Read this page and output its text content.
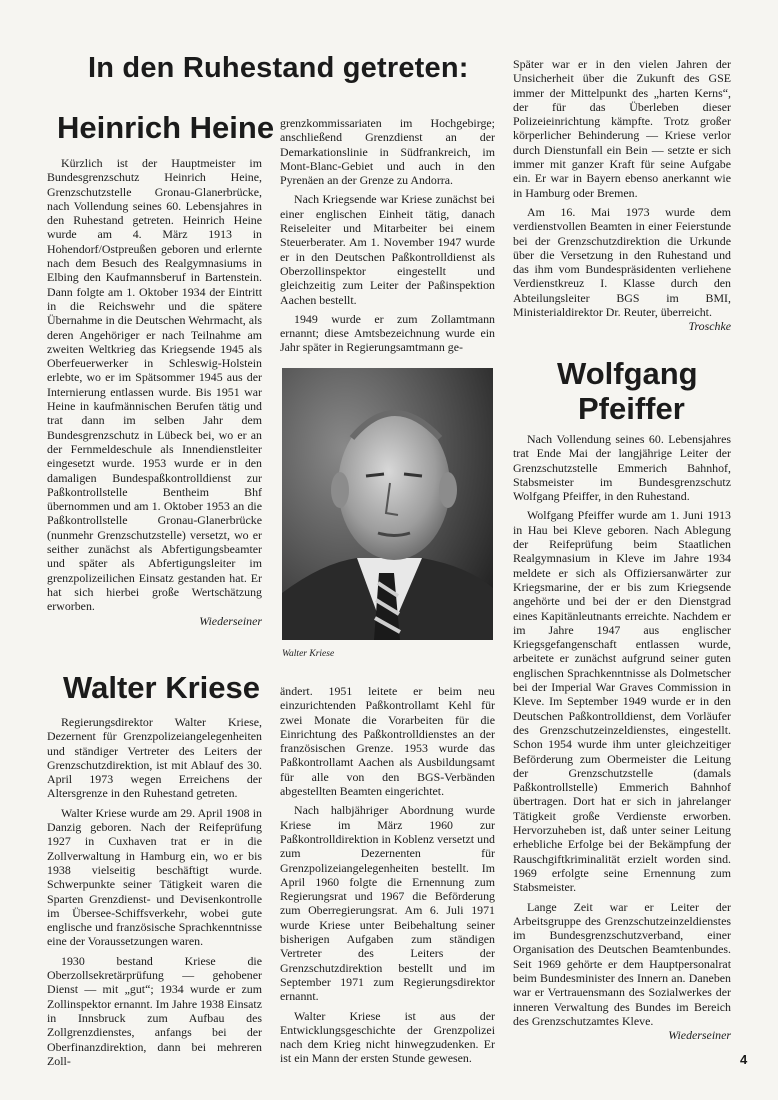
In den Ruhestand getreten:
Heinrich Heine

Kürzlich ist der Hauptmeister im Bundesgrenzschutz Heinrich Heine, Grenzschutzstelle Gronau-Glanerbrücke, nach Vollendung seines 60. Lebensjahres in den Ruhestand getreten. Heinrich Heine wurde am 4. März 1913 in Hohendorf/Ostpreußen geboren und erlernte nach dem Besuch des Realgymnasiums in Elbing den Kaufmannsberuf in Bartenstein. Dann folgte am 1. Oktober 1934 der Eintritt in die Reichswehr und die spätere Übernahme in die Deutschen Wehrmacht, als deren Angehöriger er nach Teilnahme am zweiten Weltkrieg das Kriegsende 1945 als Oberfeuerwerker in Schleswig-Holstein erlebte, wo er im Spätsommer 1945 aus der Internierung entlassen wurde. Bis 1951 war Heine in kaufmännischen Berufen tätig und trat dann im selben Jahr dem Bundesgrenzschutz in Lübeck bei, wo er an der Fernmeldeschule als Innendienstleiter eingesetzt wurde. 1953 wurde er in den damaligen Bundespaßkontrolldienst zur Paßkontrollstelle Bentheim Bhf übernommen und am 1. Oktober 1953 an die Paßkontrollstelle Gronau-Glanerbrücke (nunmehr Grenzschutzstelle) versetzt, wo er seither zunächst als Abfertigungsbeamter und später als Abfertigungsleiter im grenzpolizeilichen Einsatz gestanden hat. Er hat sich hierbei große Wertschätzung erworben.

Wiederseiner

Walter Kriese

Regierungsdirektor Walter Kriese, Dezernent für Grenzpolizeiangelegenheiten und ständiger Vertreter des Leiters der Grenzschutzdirektion, ist mit Ablauf des 30. April 1973 wegen Erreichens der Altersgrenze in den Ruhestand getreten.

Walter Kriese wurde am 29. April 1908 in Danzig geboren. Nach der Reifeprüfung 1927 in Cuxhaven trat er in die Zollverwaltung in Hamburg ein, wo er bis 1938 vielseitig beschäftigt wurde. Schwerpunkte seiner Tätigkeit waren die Sparten Grenzdienst- und Devisenkontrolle im Übersee-Schiffsverkehr, wobei gute englische und französische Sprachkenntnisse eine der Voraussetzungen waren.

1930 bestand Kriese die Oberzollsekretärprüfung — gehobener Dienst — mit „gut“; 1934 wurde er zum Zollinspektor ernannt. Im Jahre 1938 Einsatz in Innsbruck zum Aufbau des Zollgrenzdienstes, anfangs bei der Oberfinanzdirektion, dann bei mehreren Zoll-

grenzkommissariaten im Hochgebirge; anschließend Grenzdienst an der Demarkationslinie in Südfrankreich, im Mont-Blanc-Gebiet und auch in den Pyrenäen an der Grenze zu Andorra.

Nach Kriegsende war Kriese zunächst bei einer englischen Einheit tätig, danach Reiseleiter und Mitarbeiter bei einem Steuerberater. Am 1. November 1947 wurde er in den Deutschen Paßkontrolldienst als Oberzollinspektor eingestellt und gleichzeitig zum Leiter der Paßinspektion Aachen bestellt.

1949 wurde er zum Zollamtmann ernannt; diese Amtsbezeichnung wurde ein Jahr später in Regierungsamtmann ge-

Walter Kriese

ändert. 1951 leitete er beim neu einzurichtenden Paßkontrollamt Kehl für zwei Monate die Vorarbeiten für die Einrichtung des Paßkontrolldienstes an der französischen Grenze. 1953 wurde das Paßkontrollamt Aachen als Ausbildungsamt für alle von den BGS-Verbänden abgestellten Beamten eingerichtet.

Nach halbjähriger Abordnung wurde Kriese im März 1960 zur Paßkontrolldirektion in Koblenz versetzt und zum Dezernenten für Grenzpolizeiangelegenheiten bestellt. Im April 1960 folgte die Ernennung zum Regierungsrat und 1967 die Beförderung zum Oberregierungsrat. Am 6. Juli 1971 wurde Kriese unter Beibehaltung seiner bisherigen Aufgaben zum ständigen Vertreter des Leiters der Grenzschutzdirektion bestellt und im September 1971 zum Regierungsdirektor ernannt.

Walter Kriese ist aus der Entwicklungsgeschichte der Grenzpolizei nach dem Krieg nicht hinwegzudenken. Er ist ein Mann der ersten Stunde gewesen.

Später war er in den vielen Jahren der Unsicherheit über die Zukunft des GSE immer der Mittelpunkt des „harten Kerns“, der für das Überleben dieser Polizeieinrichtung kämpfte. Trotz großer körperlicher Behinderung — Kriese verlor durch Dienstunfall ein Bein — setzte er sich immer mit ganzer Kraft für seine Aufgabe ein. Er war in Bayern ebenso anerkannt wie in Hamburg oder Bremen.

Am 16. Mai 1973 wurde dem verdienstvollen Beamten in einer Feierstunde bei der Grenzschutzdirektion die Urkunde über die Versetzung in den Ruhestand und das ihm vom Bundespräsidenten verliehene Verdienstkreuz I. Klasse durch den Abteilungsleiter BGS im BMI, Ministerialdirektor Dr. Reuter, überreicht.

Troschke

Wolfgang
Pfeiffer

Nach Vollendung seines 60. Lebensjahres trat Ende Mai der langjährige Leiter der Grenzschutzstelle Emmerich Bahnhof, Stabsmeister im Bundesgrenzschutz Wolfgang Pfeiffer, in den Ruhestand.

Wolfgang Pfeiffer wurde am 1. Juni 1913 in Hau bei Kleve geboren. Nach Ablegung der Reifeprüfung beim Staatlichen Realgymnasium in Kleve im Jahre 1934 meldete er sich als Offiziersanwärter zur Kriegsmarine, der er bis zum Kriegsende angehörte und bei der er den Dienstgrad eines Kapitänleutnants erreichte. Nachdem er im Jahre 1947 aus englischer Kriegsgefangenschaft entlassen wurde, arbeitete er zunächst aufgrund seiner guten englischen Sprachkenntnisse als Dolmetscher bei der Imperial War Graves Commission in Kleve. Im September 1949 wurde er in den Deutschen Paßkontrolldienst, dem Vorläufer des Grenzschutzeinzeldienstes, eingestellt. Schon 1954 wurde ihm unter gleichzeitiger Beförderung zum Obermeister die Leitung der Grenzschutzstelle (damals Paßkontrollstelle) Emmerich Bahnhof übertragen. Dort hat er sich in jahrelanger Tätigkeit große Verdienste erworben. Hervorzuheben ist, daß unter seiner Leitung erhebliche Erfolge bei der Bekämpfung der Rauschgiftkriminalität erzielt worden sind. 1969 erfolgte seine Ernennung zum Stabsmeister.

Lange Zeit war er Leiter der Arbeitsgruppe des Grenzschutzeinzeldienstes im Bundesgrenzschutzverband, einer Organisation des Deutschen Beamtenbundes. Seit 1969 gehörte er dem Hauptpersonalrat beim Bundesminister des Innern an. Daneben war er Vertrauensmann des Sozialwerkes der inneren Verwaltung des Bundes im Bereich des Grenzschutzamtes Kleve.

Wiederseiner

4
